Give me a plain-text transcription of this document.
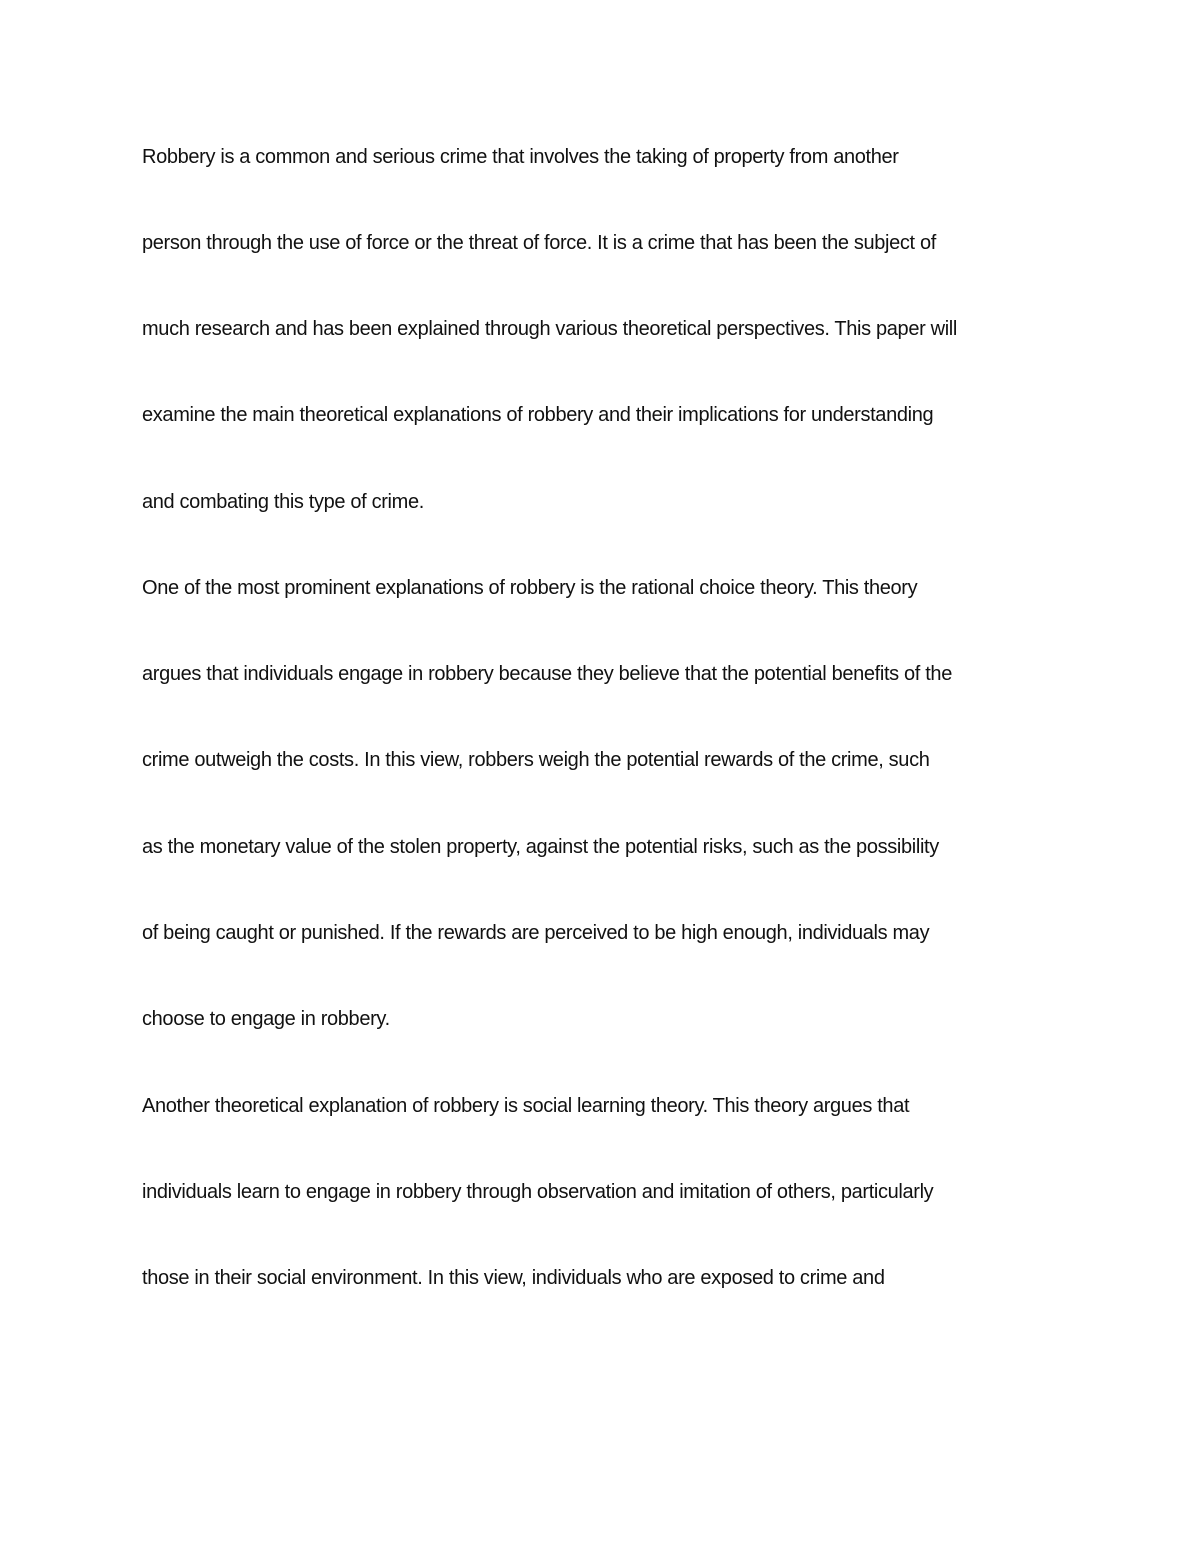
Robbery is a common and serious crime that involves the taking of property from another

person through the use of force or the threat of force. It is a crime that has been the subject of

much research and has been explained through various theoretical perspectives. This paper will

examine the main theoretical explanations of robbery and their implications for understanding

and combating this type of crime.

One of the most prominent explanations of robbery is the rational choice theory. This theory

argues that individuals engage in robbery because they believe that the potential benefits of the

crime outweigh the costs. In this view, robbers weigh the potential rewards of the crime, such

as the monetary value of the stolen property, against the potential risks, such as the possibility

of being caught or punished. If the rewards are perceived to be high enough, individuals may

choose to engage in robbery.

Another theoretical explanation of robbery is social learning theory. This theory argues that

individuals learn to engage in robbery through observation and imitation of others, particularly

those in their social environment. In this view, individuals who are exposed to crime and
